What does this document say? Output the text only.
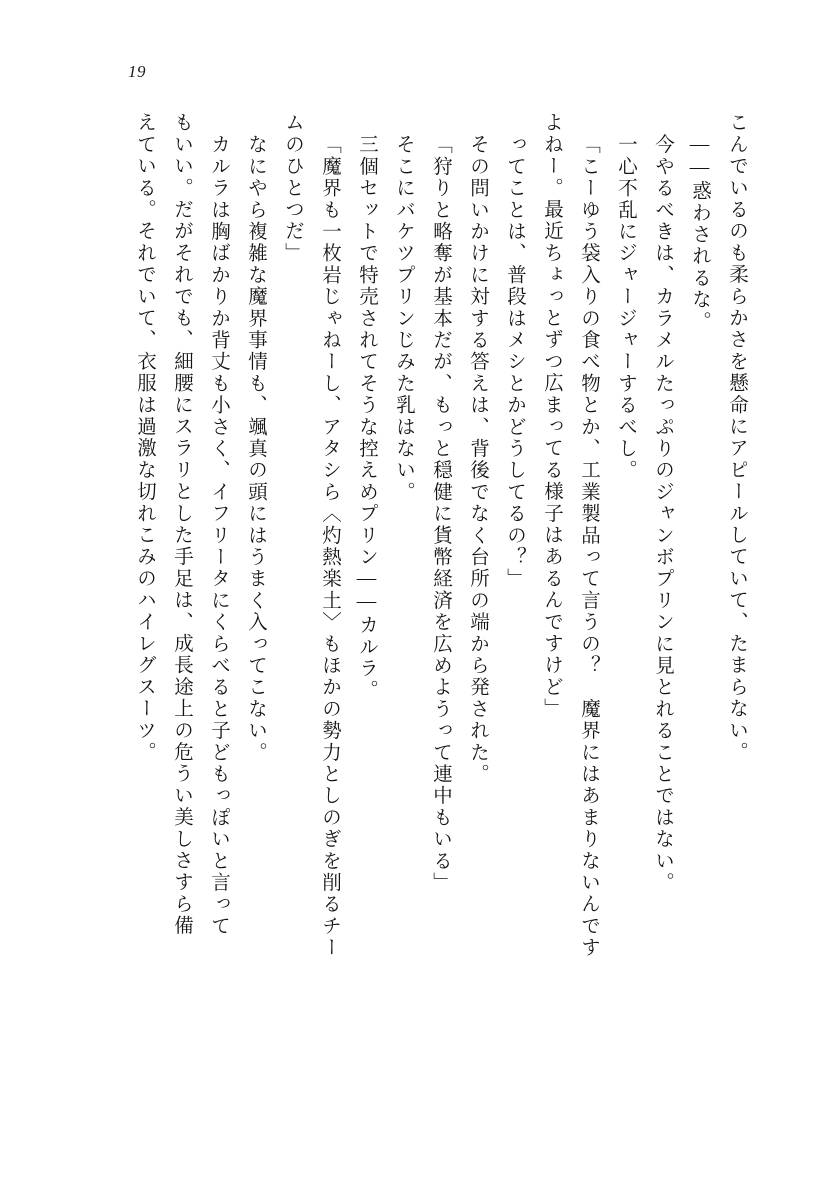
19
こんでいるのも柔らかさを懸命にアピールしていて、たまらない。
――惑わされるな。
今やるべきは、カラメルたっぷりのジャンボプリンに見とれることではない。
一心不乱にジャージャーするべし。
「こーゆう袋入りの食べ物とか、工業製品って言うの？　魔界にはあまりないんです
よねー。最近ちょっとずつ広まってる様子はあるんですけど」
ってことは、普段はメシとかどうしてるの？」
その問いかけに対する答えは、背後でなく台所の端から発された。
「狩りと略奪が基本だが、もっと穏健に貨幣経済を広めようって連中もいる」
そこにバケツプリンじみた乳はない。
三個セットで特売されてそうな控えめプリン――カルラ。
「魔界も一枚岩じゃねーし、アタシら〈灼熱楽土〉もほかの勢力としのぎを削るチー
ムのひとつだ」
なにやら複雑な魔界事情も、颯真の頭にはうまく入ってこない。
カルラは胸ばかりか背丈も小さく、イフリータにくらべると子どもっぽいと言って
もいい。だがそれでも、細腰にスラリとした手足は、成長途上の危うい美しさすら備
えている。それでいて、衣服は過激な切れこみのハイレグスーツ。
